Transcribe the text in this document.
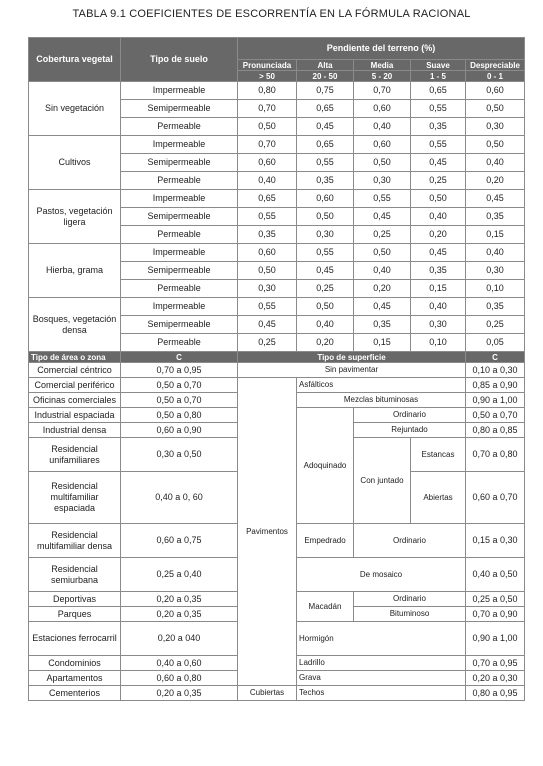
TABLA 9.1 COEFICIENTES DE ESCORRENTÍA EN LA FÓRMULA RACIONAL
Cobertura vegetal	Tipo de suelo	Pendiente del terreno (%)				
		Pronunciada	Alta	Media	Suave	Despreciable
		> 50	20 - 50	5 - 20	1 - 5	0 - 1
Sin vegetación	Impermeable	0,80	0,75	0,70	0,65	0,60
	Semipermeable	0,70	0,65	0,60	0,55	0,50
	Permeable	0,50	0,45	0,40	0,35	0,30
Cultivos	Impermeable	0,70	0,65	0,60	0,55	0,50
	Semipermeable	0,60	0,55	0,50	0,45	0,40
	Permeable	0,40	0,35	0,30	0,25	0,20
Pastos, vegetación ligera	Impermeable	0,65	0,60	0,55	0,50	0,45
	Semipermeable	0,55	0,50	0,45	0,40	0,35
	Permeable	0,35	0,30	0,25	0,20	0,15
Hierba, grama	Impermeable	0,60	0,55	0,50	0,45	0,40
	Semipermeable	0,50	0,45	0,40	0,35	0,30
	Permeable	0,30	0,25	0,20	0,15	0,10
Bosques, vegetación densa	Impermeable	0,55	0,50	0,45	0,40	0,35
	Semipermeable	0,45	0,40	0,35	0,30	0,25
	Permeable	0,25	0,20	0,15	0,10	0,05
Tipo de área o zona	C	Tipo de superficie				C
Comercial céntrico	0,70 a 0,95	Sin pavimentar				0,10 a 0,30
Comercial periférico	0,50 a 0,70	Pavimentos	Asfálticos			0,85 a 0,90
Oficinas comerciales	0,50 a 0,70		Mezclas bituminosas			0,90 a 1,00
Industrial espaciada	0,50 a 0,80		Adoquinado	Ordinario		0,50 a 0,70
Industrial densa	0,60 a 0,90			Rejuntado		0,80 a 0,85
Residencial unifamiliares	0,30 a 0,50			Con juntado	Estancas	0,70 a 0,80
Residencial multifamiliar espaciada	0,40 a 0, 60				Abiertas	0,60 a 0,70
Residencial multifamiliar densa	0,60 a 0,75		Empedrado	Ordinario		0,15 a 0,30
Residencial semiurbana	0,25 a 0,40		De mosaico			0,40 a 0,50
Deportivas	0,20 a 0,35		Macadán	Ordinario		0,25 a 0,50
Parques	0,20 a 0,35			Bituminoso		0,70 a 0,90
Estaciones ferrocarril	0,20 a 040		Hormigón			0,90 a 1,00
Condominios	0,40 a 0,60		Ladrillo			0,70 a 0,95
Apartamentos	0,60 a 0,80		Grava			0,20 a 0,30
Cementerios	0,20 a 0,35	Cubiertas	Techos			0,80 a 0,95
